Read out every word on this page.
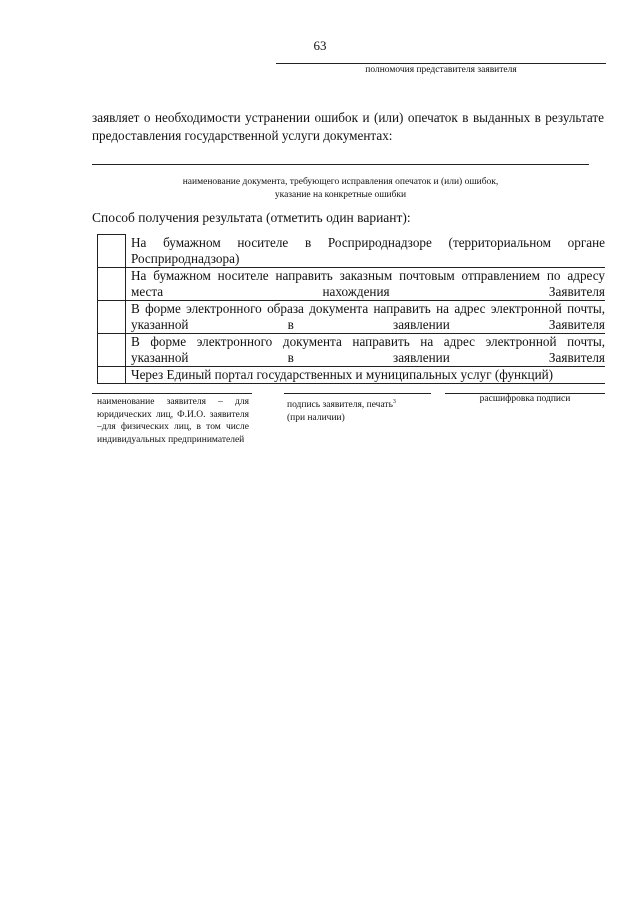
63
полномочия представителя заявителя
заявляет о необходимости устранении ошибок и (или) опечаток в выданных в результате предоставления государственной услуги документах:
наименование документа, требующего исправления опечаток и (или) ошибок,
указание на конкретные ошибки
Способ получения результата (отметить один вариант):
	На бумажном носителе в Росприроднадзоре (территориальном органе Росприроднадзора)
	На бумажном носителе направить заказным почтовым отправлением по адресу места нахождения Заявителя
	В форме электронного образа документа направить на адрес электронной почты, указанной в заявлении Заявителя
	В форме электронного документа направить на адрес электронной почты, указанной в заявлении Заявителя
	Через Единый портал государственных и муниципальных услуг (функций)
наименование заявителя – для юридических лиц, Ф.И.О. заявителя –для физических лиц, в том числе индивидуальных предпринимателей
подпись заявителя, печать$^3$
(при наличии)
расшифровка подписи
